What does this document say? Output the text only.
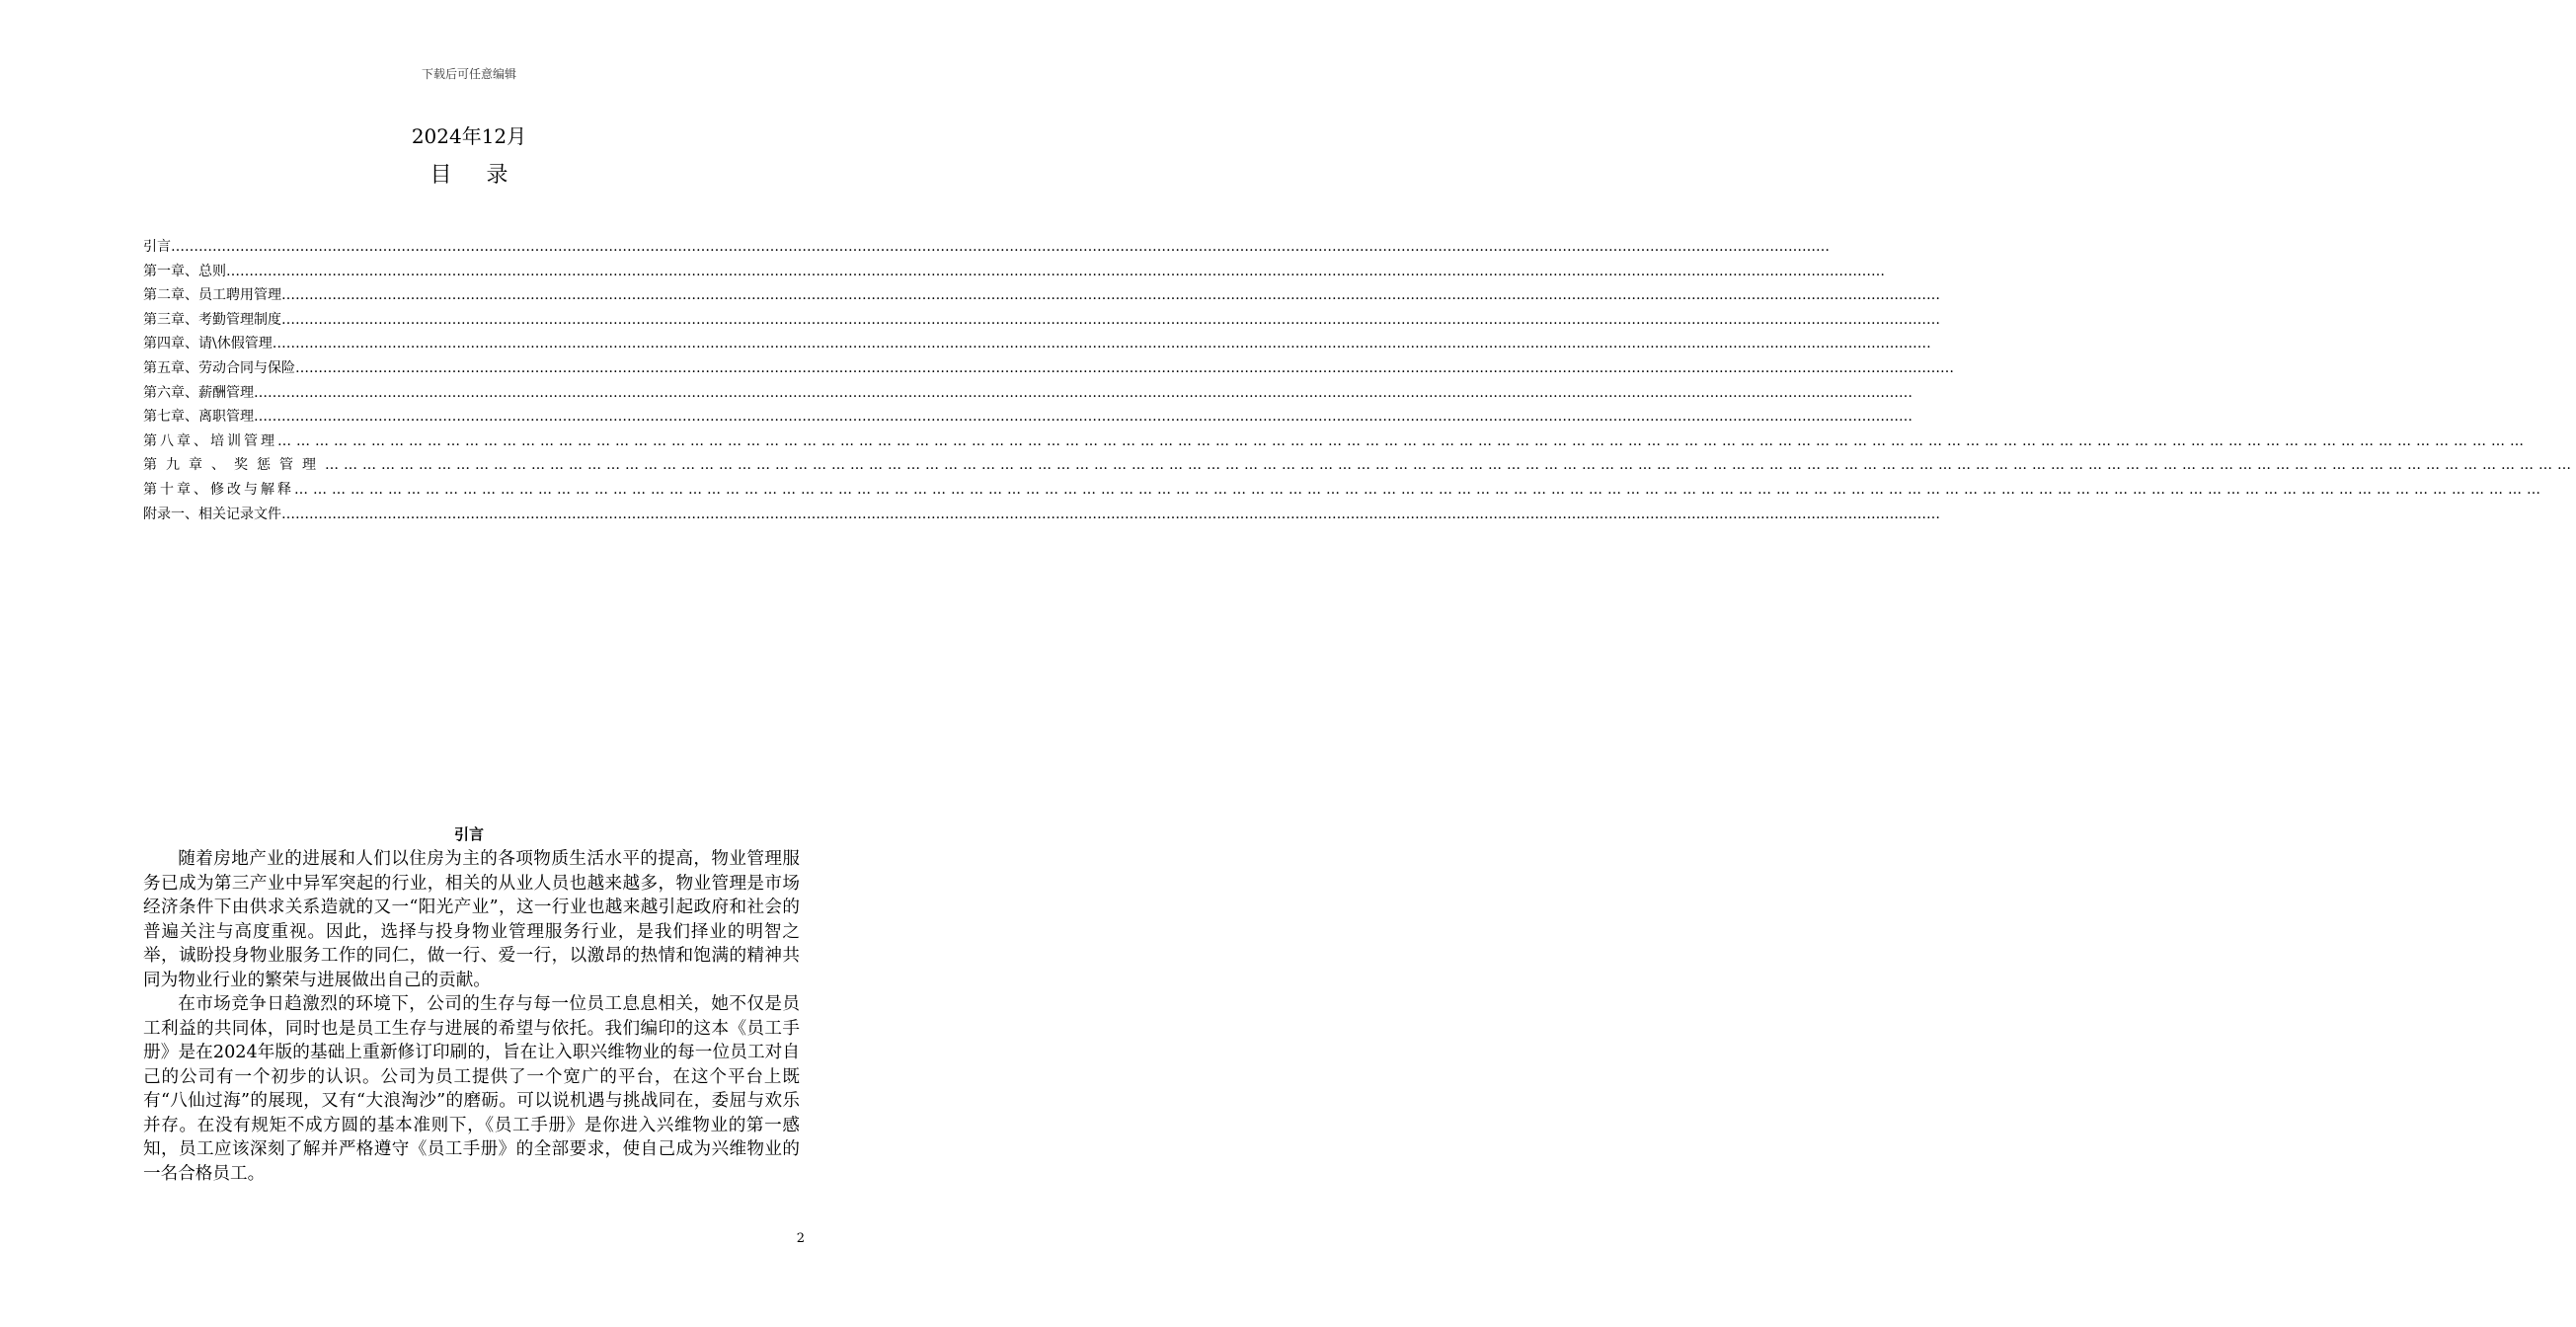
下载后可任意编辑
2024年12月
目 录
引言 ………………………………………………………………………………………………………………………………………………………………………………………………………………………………………………………………………………………………………………………………
第一章、总则 ………………………………………………………………………………………………………………………………………………………………………………………………………………………………………………………………………………………………………………………………
第二章、员工聘用管理 ………………………………………………………………………………………………………………………………………………………………………………………………………………………………………………………………………………………………………………………………
第三章、考勤管理制度 ………………………………………………………………………………………………………………………………………………………………………………………………………………………………………………………………………………………………………………………………
第四章、请\休假管理 ………………………………………………………………………………………………………………………………………………………………………………………………………………………………………………………………………………………………………………………………
第五章、劳动合同与保险 ………………………………………………………………………………………………………………………………………………………………………………………………………………………………………………………………………………………………………………………………
第六章、薪酬管理 ………………………………………………………………………………………………………………………………………………………………………………………………………………………………………………………………………………………………………………………………
第七章、离职管理 ………………………………………………………………………………………………………………………………………………………………………………………………………………………………………………………………………………………………………………………………
第八章、培训管理 ………………………………………………………………………………………………………………………………………………………………………………………………………………………………………………………………………………………………………………………………
第九章、奖惩管理 ………………………………………………………………………………………………………………………………………………………………………………………………………………………………………………………………………………………………………………………………
第十章、修改与解释 ………………………………………………………………………………………………………………………………………………………………………………………………………………………………………………………………………………………………………………………………
附录一、相关记录文件 ………………………………………………………………………………………………………………………………………………………………………………………………………………………………………………………………………………………………………………………………
引言

随着房地产业的进展和人们以住房为主的各项物质生活水平的提高，物业管理服务已成为第三产业中异军突起的行业，相关的从业人员也越来越多，物业管理是市场经济条件下由供求关系造就的又一“阳光产业”，这一行业也越来越引起政府和社会的普遍关注与高度重视。因此，选择与投身物业管理服务行业，是我们择业的明智之举，诚盼投身物业服务工作的同仁，做一行、爱一行，以激昂的热情和饱满的精神共同为物业行业的繁荣与进展做出自己的贡献。

在市场竞争日趋激烈的环境下，公司的生存与每一位员工息息相关，她不仅是员工利益的共同体，同时也是员工生存与进展的希望与依托。我们编印的这本《员工手册》是在2024年版的基础上重新修订印刷的，旨在让入职兴维物业的每一位员工对自己的公司有一个初步的认识。公司为员工提供了一个宽广的平台，在这个平台上既有“八仙过海”的展现，又有“大浪淘沙”的磨砺。可以说机遇与挑战同在，委屈与欢乐并存。在没有规矩不成方圆的基本准则下，《员工手册》是你进入兴维物业的第一感知，员工应该深刻了解并严格遵守《员工手册》的全部要求，使自己成为兴维物业的一名合格员工。

2
